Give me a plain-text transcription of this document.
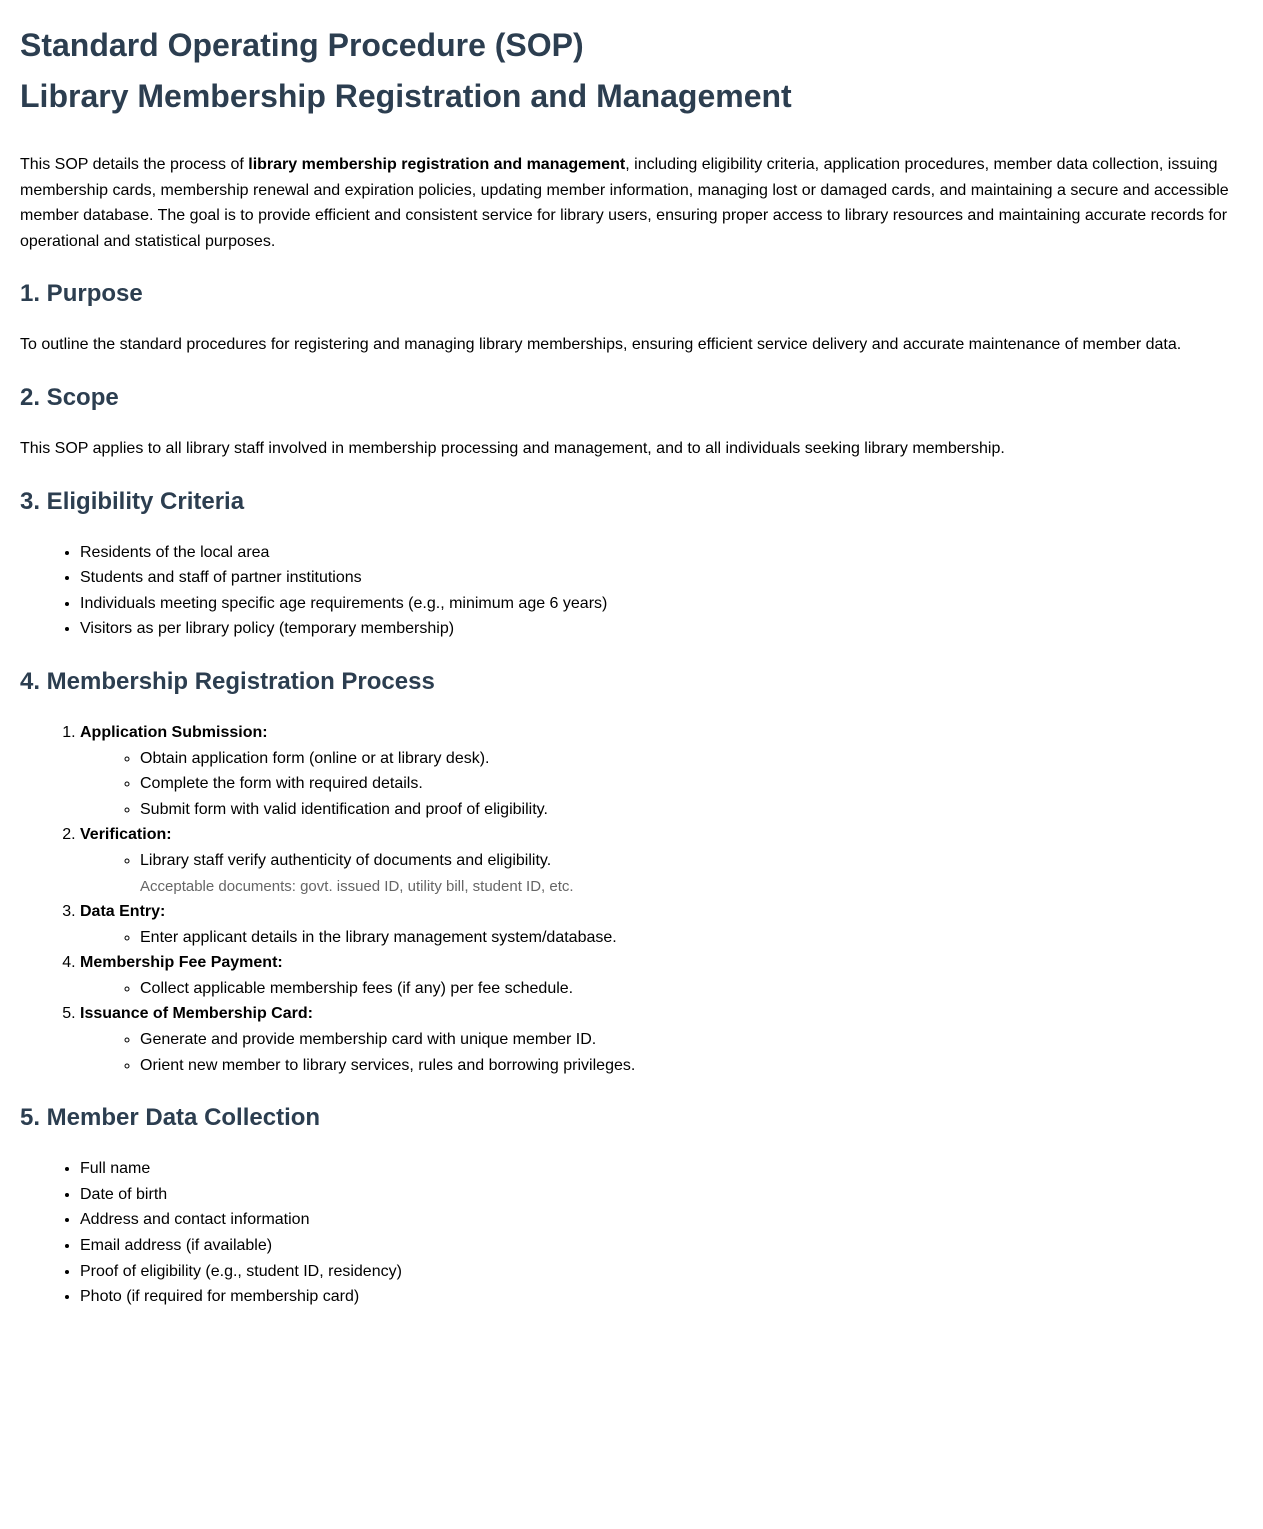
Standard Operating Procedure (SOP)
Library Membership Registration and Management

This SOP details the process of library membership registration and management, including eligibility criteria, application procedures, member data collection, issuing membership cards, membership renewal and expiration policies, updating member information, managing lost or damaged cards, and maintaining a secure and accessible member database. The goal is to provide efficient and consistent service for library users, ensuring proper access to library resources and maintaining accurate records for operational and statistical purposes.

1. Purpose

To outline the standard procedures for registering and managing library memberships, ensuring efficient service delivery and accurate maintenance of member data.

2. Scope

This SOP applies to all library staff involved in membership processing and management, and to all individuals seeking library membership.

3. Eligibility Criteria
• Residents of the local area
• Students and staff of partner institutions
• Individuals meeting specific age requirements (e.g., minimum age 6 years)
• Visitors as per library policy (temporary membership)
4. Membership Registration Process
1. Application Submission:
◦ Obtain application form (online or at library desk).
◦ Complete the form with required details.
◦ Submit form with valid identification and proof of eligibility.
2. Verification:
◦ Library staff verify authenticity of documents and eligibility.
Acceptable documents: govt. issued ID, utility bill, student ID, etc.
3. Data Entry:
◦ Enter applicant details in the library management system/database.
4. Membership Fee Payment:
◦ Collect applicable membership fees (if any) per fee schedule.
5. Issuance of Membership Card:
◦ Generate and provide membership card with unique member ID.
◦ Orient new member to library services, rules and borrowing privileges.
5. Member Data Collection
• Full name
• Date of birth
• Address and contact information
• Email address (if available)
• Proof of eligibility (e.g., student ID, residency)
• Photo (if required for membership card)
